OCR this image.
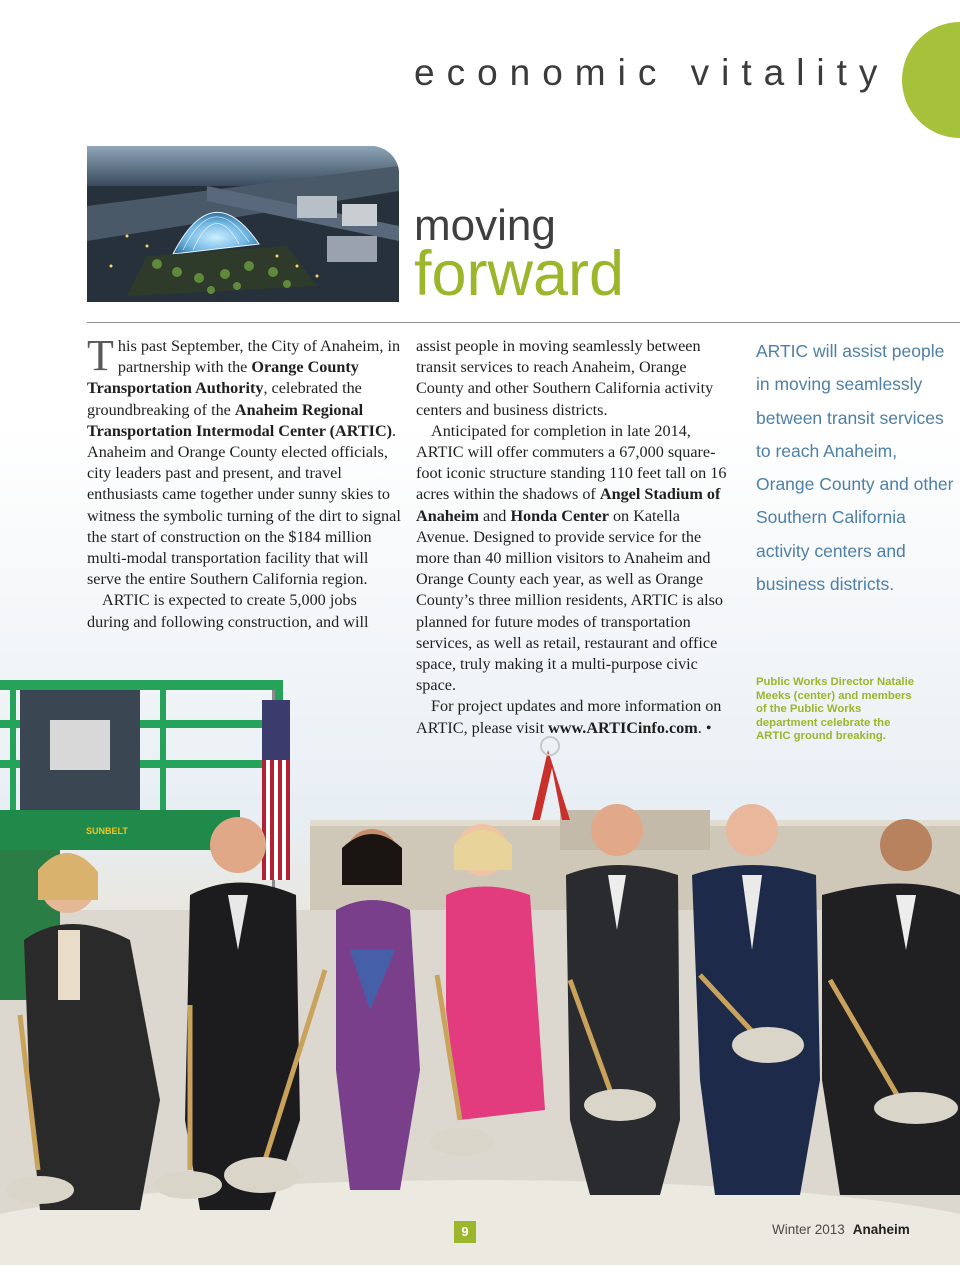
economic vitality
moving
forward

This past September, the City of Anaheim, in partnership with the Orange County Transportation Authority, celebrated the groundbreaking of the Anaheim Regional Transportation Intermodal Center (ARTIC). Anaheim and Orange County elected officials, city leaders past and present, and travel enthusiasts came together under sunny skies to witness the symbolic turning of the dirt to signal the start of construction on the $184 million multi-modal transportation facility that will serve the entire Southern California region.

ARTIC is expected to create 5,000 jobs during and following construction, and will

assist people in moving seamlessly between transit services to reach Anaheim, Orange County and other Southern California activity centers and business districts.

Anticipated for completion in late 2014, ARTIC will offer commuters a 67,000 square-foot iconic structure standing 110 feet tall on 16 acres within the shadows of Angel Stadium of Anaheim and Honda Center on Katella Avenue. Designed to provide service for the more than 40 million visitors to Anaheim and Orange County each year, as well as Orange County’s three million residents, ARTIC is also planned for future modes of transportation services, as well as retail, restaurant and office space, truly making it a multi-purpose civic space.

For project updates and more information on ARTIC, please visit www.ARTICinfo.com. •

ARTIC will assist people in moving seamlessly between transit services to reach Anaheim, Orange County and other Southern California activity centers and business districts.

Public Works Director Natalie Meeks (center) and members of the Public Works department celebrate the ARTIC ground breaking.
SUNBELT
9	Winter 2013 Anaheim
